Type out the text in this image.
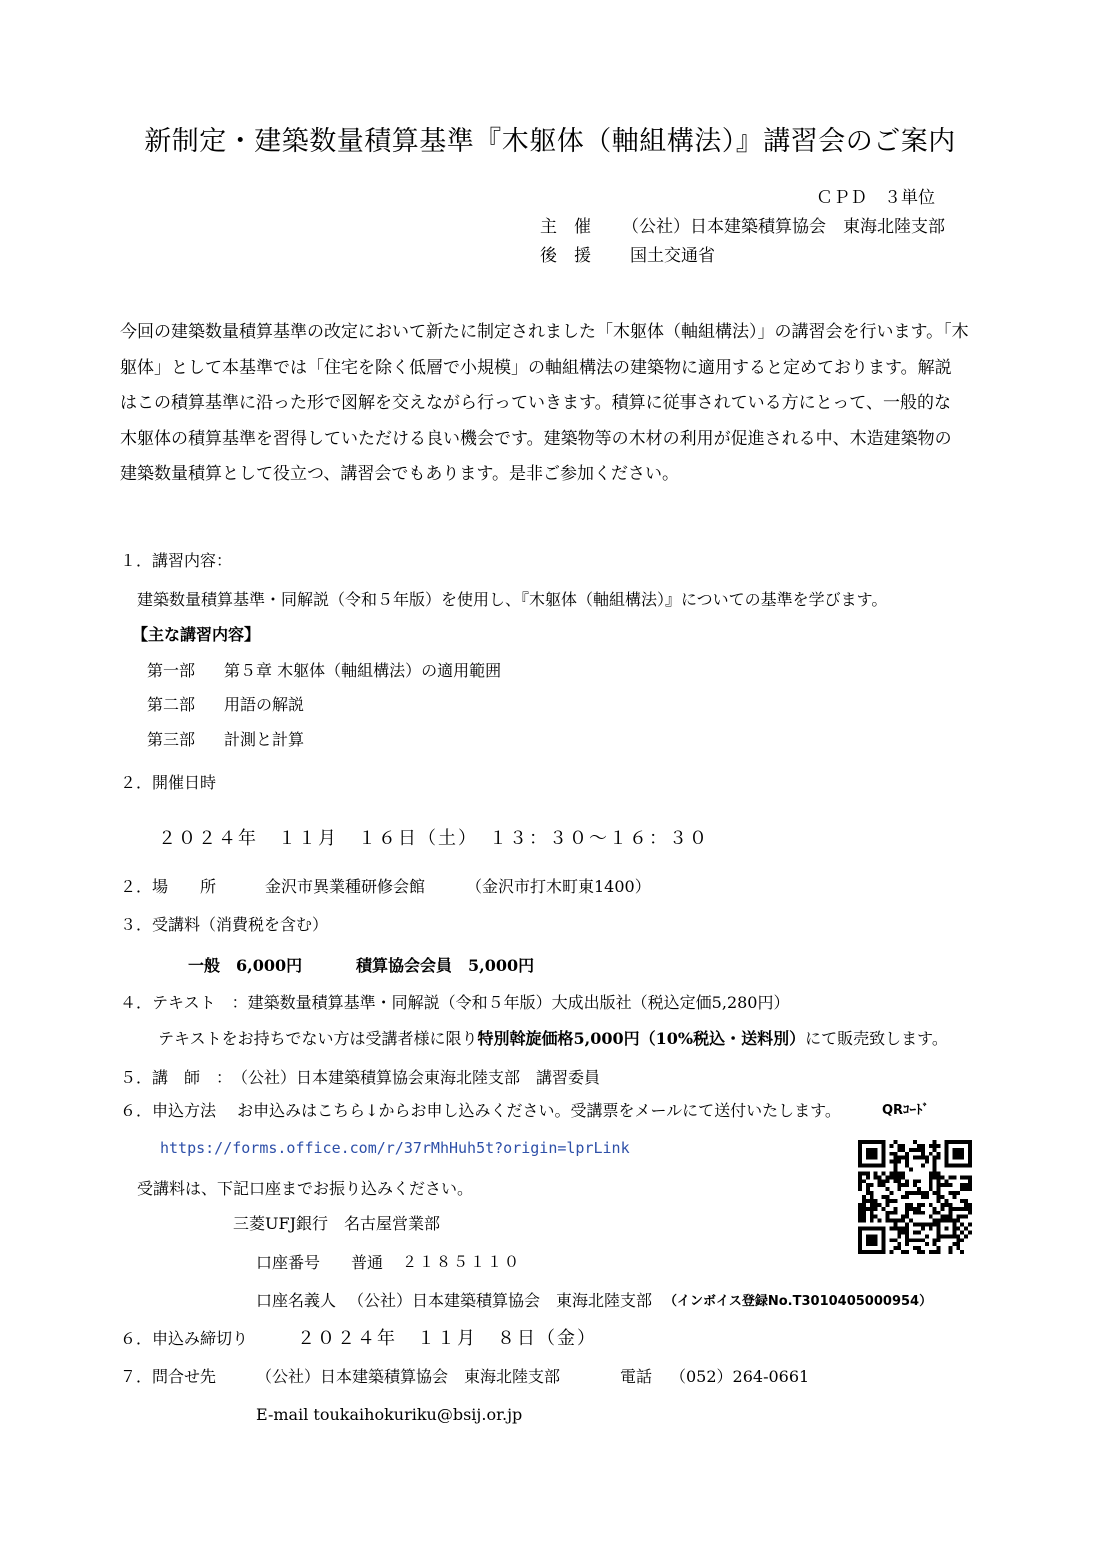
新制定・建築数量積算基準『木躯体（軸組構法）』講習会のご案内
ＣＰＤ　３単位
主　催 （公社）日本建築積算協会　東海北陸支部
後　援 国土交通省
今回の建築数量積算基準の改定において新たに制定されました「木躯体（軸組構法）」の講習会を行います。「木
躯体」として本基準では「住宅を除く低層で小規模」の軸組構法の建築物に適用すると定めております。解説
はこの積算基準に沿った形で図解を交えながら行っていきます。積算に従事されている方にとって、一般的な
木躯体の積算基準を習得していただける良い機会です。建築物等の木材の利用が促進される中、木造建築物の
建築数量積算として役立つ、講習会でもあります。是非ご参加ください。
１．講習内容：
建築数量積算基準・同解説（令和５年版）を使用し、『木躯体（軸組構法）』についての基準を学びます。
【主な講習内容】
第一部 第５章 木躯体（軸組構法）の適用範囲
第二部 用語の解説
第三部 計測と計算
２．開催日時
２０２４年　１１月　１６日（土）　１３：３０～１６：３０
２．場　　所	金沢市異業種研修会館	（金沢市打木町東1400）
３．受講料（消費税を含む）
一般　6,000円	積算協会会員　5,000円
４．テキスト　：建築数量積算基準・同解説（令和５年版）大成出版社（税込定価5,280円）
テキストをお持ちでない方は受講者様に限り特別斡旋価格5,000円（10%税込・送料別）にて販売致します。
５．講　師　：　（公社）日本建築積算協会東海北陸支部　講習委員
６．申込方法　 お申込みはこちら↓からお申し込みください。受講票をメールにて送付いたします。	QRｺｰﾄﾞ
https://forms.office.com/r/37rMhHuh5t?origin=lprLink
受講料は、下記口座までお振り込みください。
三菱UFJ銀行　名古屋営業部
口座番号 普通 ２１８５１１０
口座名義人 （公社）日本建築積算協会　東海北陸支部 （インボイス登録No.T3010405000954）
６．申込み締切り	２０２４年　１１月　８日（金）
７．問合せ先 （公社）日本建築積算協会　東海北陸支部	電話 （052）264-0661
E-mail toukaihokuriku@bsij.or.jp
